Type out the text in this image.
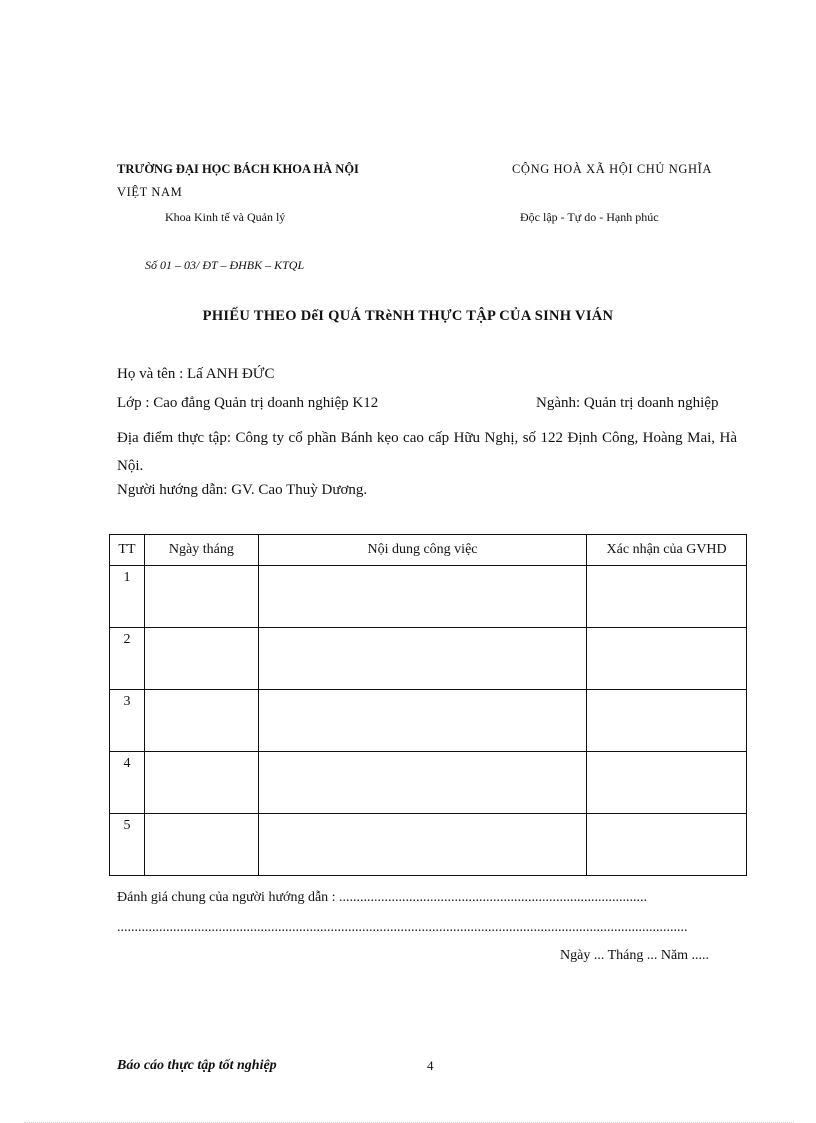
TRƯỜNG ĐẠI HỌC BÁCH KHOA HÀ NỘI	CỘNG HOÀ XÃ HỘI CHỦ NGHĨA
VIỆT NAM
Khoa Kinh tế và Quản lý	Độc lập - Tự do - Hạnh phúc
Số 01 – 03/ ĐT – ĐHBK – KTQL
PHIẾU THEO DếI QUÁ TRèNH THỰC TẬP CỦA SINH VIÁN
Họ và tên : Lấ ANH ĐỨC
Lớp : Cao đẳng Quản trị doanh nghiệp K12	Ngành: Quản trị doanh nghiệp
Địa điểm thực tập: Công ty cổ phần Bánh kẹo cao cấp Hữu Nghị, số 122 Định Công, Hoàng Mai, Hà Nội.
Người hướng dẫn: GV. Cao Thuỳ Dương.
TT	Ngày tháng	Nội dung công việc	Xác nhận của GVHD
1			
2			
3			
4			
5			
Đánh giá chung của người hướng dẫn : ........................................................................................
...................................................................................................................................................................
Ngày ... Tháng ... Năm .....
Báo cáo thực tập tốt nghiệp	4
